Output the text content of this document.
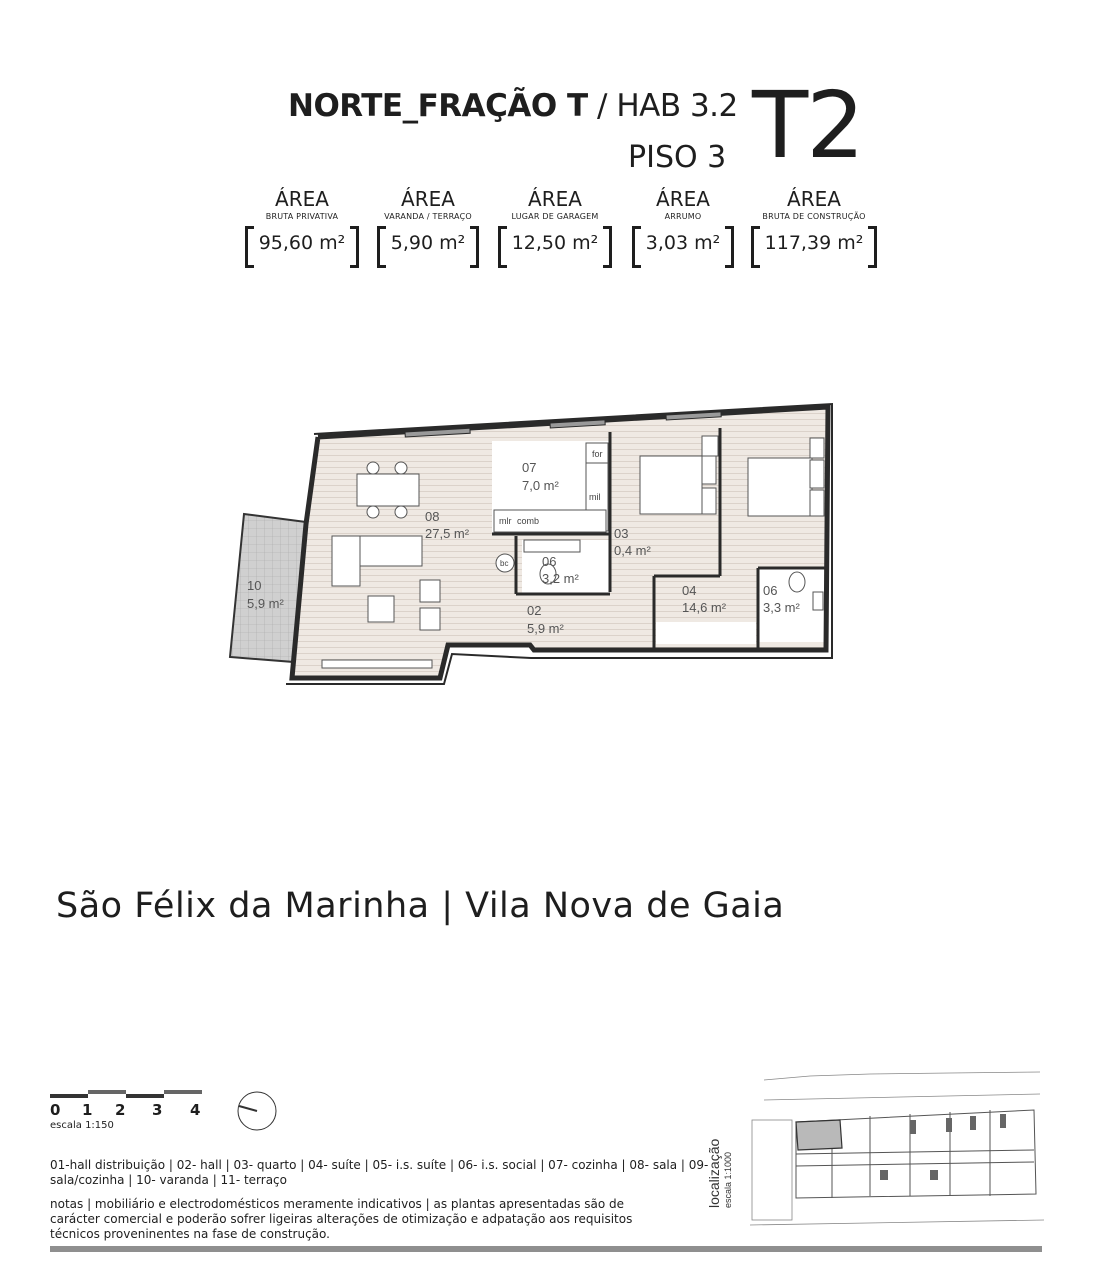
NORTE_FRAÇÃO T / HAB 3.2
PISO 3 T2
ÁREA
BRUTA PRIVATIVA
95,60 m²
ÁREA
VARANDA / TERRAÇO
5,90 m²
ÁREA
LUGAR DE GARAGEM
12,50 m²
ÁREA
ARRUMO
3,03 m²
ÁREA
BRUTA DE CONSTRUÇÃO
117,39 m²
for
mil
mlr comb
bc
07
7,0 m²
08
27,5 m²	03
0,4 m²
06
3,2 m²
02
5,9 m²
04
14,6 m²
06
3,3 m²
10
5,9 m²
São Félix da Marinha | Vila Nova de Gaia
0 1 2 3 4
escala 1:150
01-hall distribuição | 02- hall | 03- quarto | 04- suíte | 05- i.s. suíte | 06- i.s. social | 07- cozinha | 08- sala | 09- sala/cozinha | 10- varanda | 11- terraço
notas | mobiliário e electrodomésticos meramente indicativos | as plantas apresentadas são de carácter comercial e poderão sofrer ligeiras alterações de otimização e adpatação aos requisitos técnicos proveninentes na fase de construção.
localização escala 1:1000
